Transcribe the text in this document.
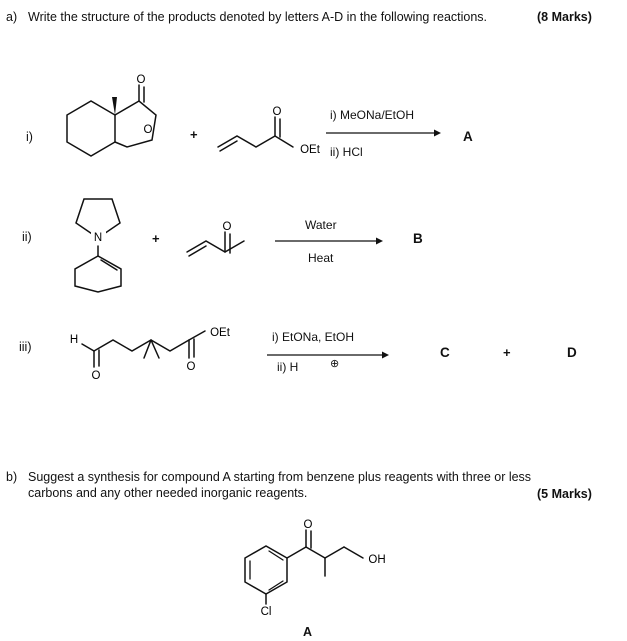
a) Write the structure of the products denoted by letters A-D in the following reactions.	(8 Marks)
i)	O
O
+
O
OEt
i) MeONa/EtOH
ii) HCl
A
ii)	N	+
O	Water
Heat
B
iii)	H
O
O
OEt	i) EtONa, EtOH
ii) H	⊕
C	+	D
b) Suggest a synthesis for compound A starting from benzene plus reagents with three or less
carbons and any other needed inorganic reagents.	(5 Marks)
Cl
O
OH
A
